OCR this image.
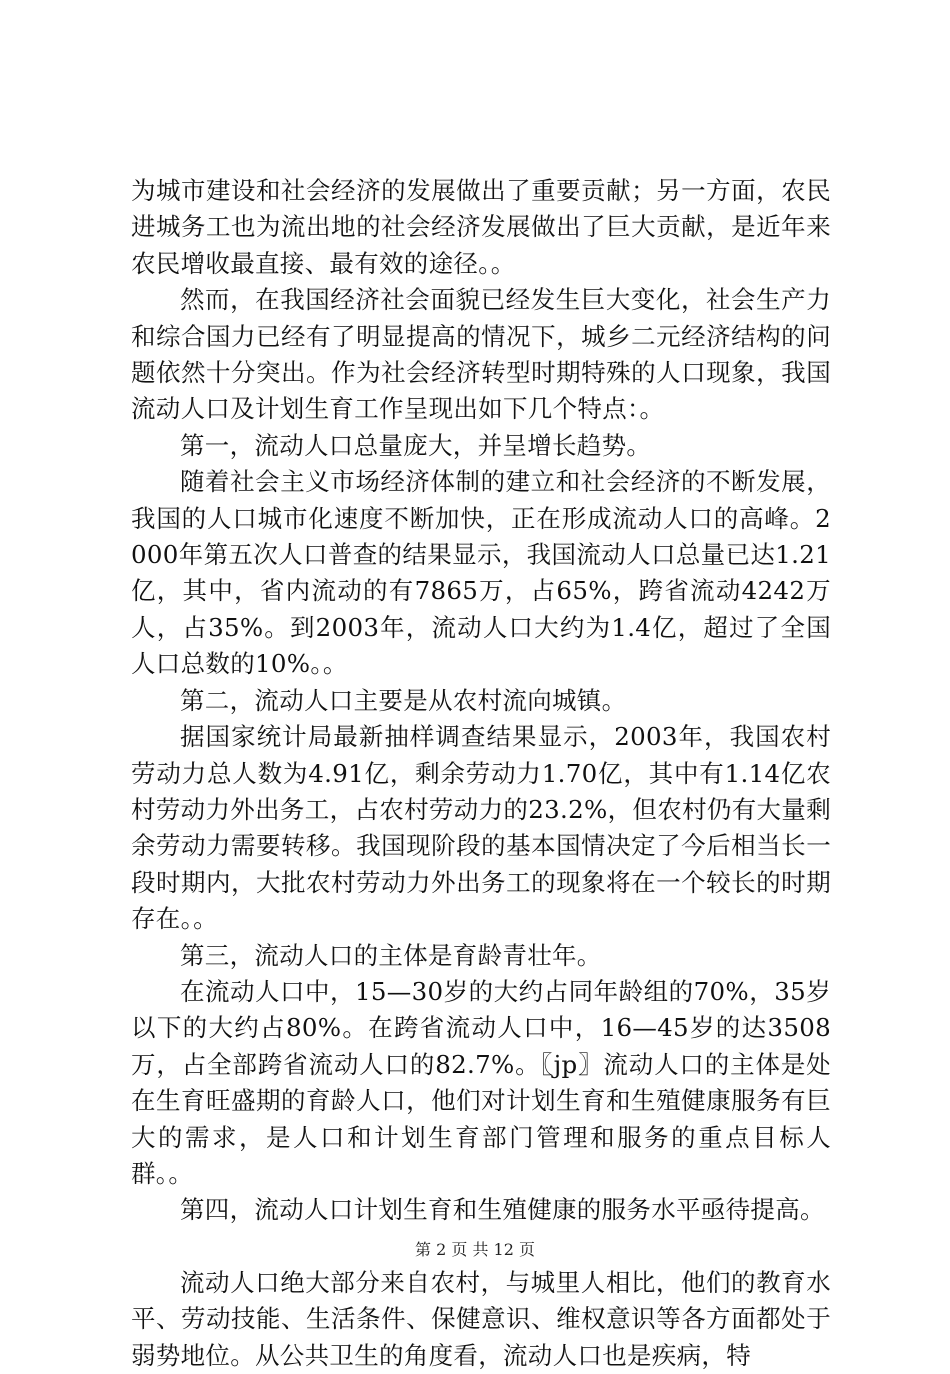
为城市建设和社会经济的发展做出了重要贡献；另一方面，农民进城务工也为流出地的社会经济发展做出了巨大贡献，是近年来农民增收最直接、最有效的途径。。

然而，在我国经济社会面貌已经发生巨大变化，社会生产力和综合国力已经有了明显提高的情况下，城乡二元经济结构的问题依然十分突出。作为社会经济转型时期特殊的人口现象，我国流动人口及计划生育工作呈现出如下几个特点：。

第一，流动人口总量庞大，并呈增长趋势。

随着社会主义市场经济体制的建立和社会经济的不断发展，我国的人口城市化速度不断加快，正在形成流动人口的高峰。2000年第五次人口普查的结果显示，我国流动人口总量已达1.21亿，其中，省内流动的有7865万，占65%，跨省流动4242万人，占35%。到2003年，流动人口大约为1.4亿，超过了全国人口总数的10%。。

第二，流动人口主要是从农村流向城镇。

据国家统计局最新抽样调查结果显示，2003年，我国农村劳动力总人数为4.91亿，剩余劳动力1.70亿，其中有1.14亿农村劳动力外出务工，占农村劳动力的23.2%，但农村仍有大量剩余劳动力需要转移。我国现阶段的基本国情决定了今后相当长一段时期内，大批农村劳动力外出务工的现象将在一个较长的时期存在。。

第三，流动人口的主体是育龄青壮年。

在流动人口中，15—30岁的大约占同年龄组的70%，35岁以下的大约占80%。在跨省流动人口中，16—45岁的达3508万，占全部跨省流动人口的82.7%。〖jp〗流动人口的主体是处在生育旺盛期的育龄人口，他们对计划生育和生殖健康服务有巨大的需求，是人口和计划生育部门管理和服务的重点目标人群。。

第四，流动人口计划生育和生殖健康的服务水平亟待提高。

流动人口绝大部分来自农村，与城里人相比，他们的教育水平、劳动技能、生活条件、保健意识、维权意识等各方面都处于弱势地位。从公共卫生的角度看，流动人口也是疾病，特

第 2 页 共 12 页
